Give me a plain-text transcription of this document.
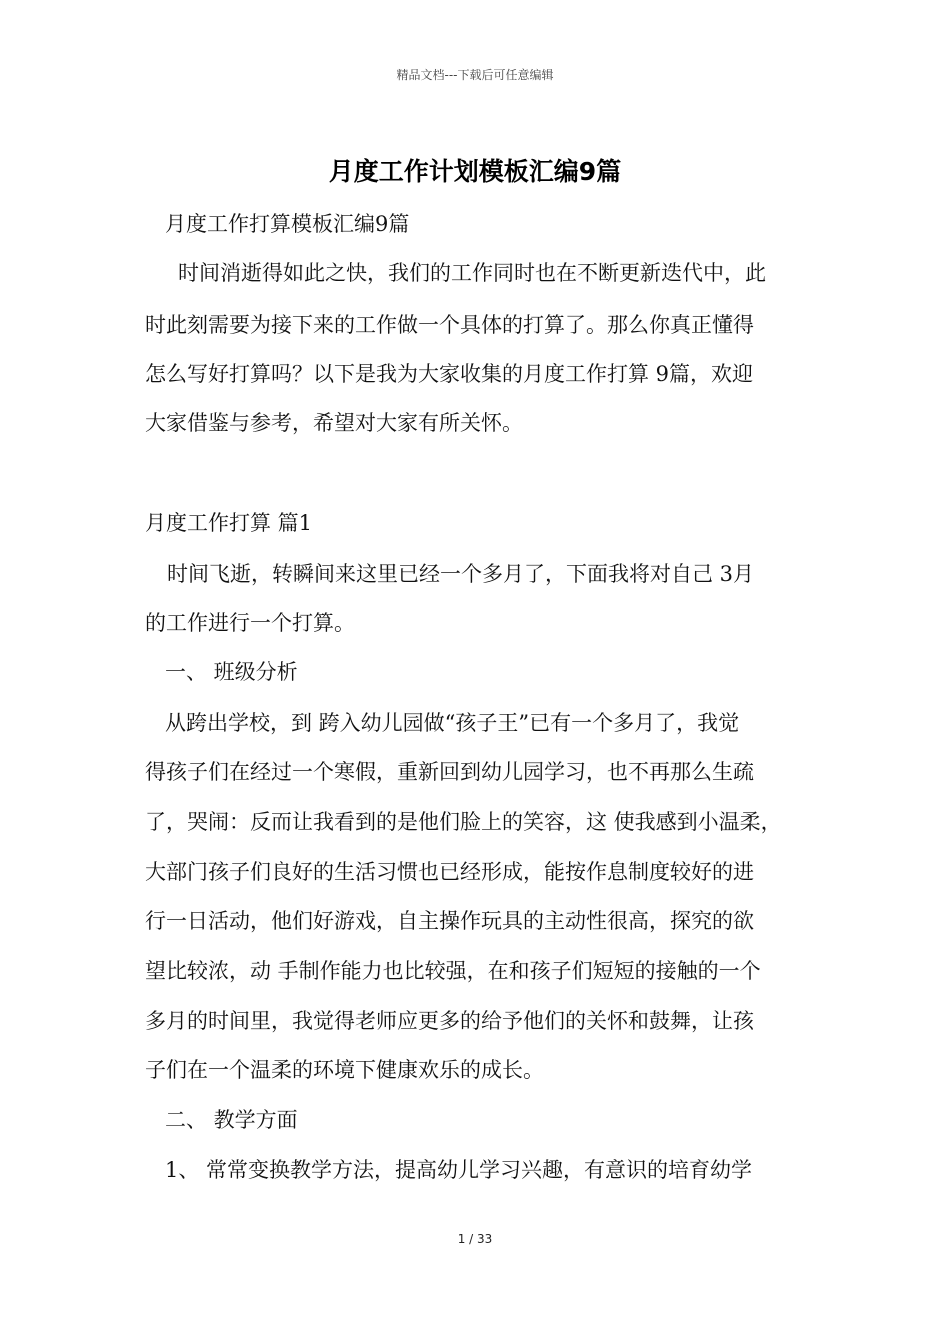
精品文档---下载后可任意编辑
月度工作计划模板汇编9篇
月度工作打算模板汇编9篇
时间消逝得如此之快，我们的工作同时也在不断更新迭代中，此
时此刻需要为接下来的工作做一个具体的打算了。那么你真正懂得
怎么写好打算吗？以下是我为大家收集的月度工作打算 9篇，欢迎
大家借鉴与参考，希望对大家有所关怀。
月度工作打算 篇1
时间飞逝，转瞬间来这里已经一个多月了，下面我将对自己 3月
的工作进行一个打算。
一、 班级分析
从跨出学校，到 跨入幼儿园做“孩子王”已有一个多月了，我觉
得孩子们在经过一个寒假，重新回到幼儿园学习，也不再那么生疏
了，哭闹：反而让我看到的是他们脸上的笑容，这 使我感到小温柔，
大部门孩子们良好的生活习惯也已经形成，能按作息制度较好的进
行一日活动，他们好游戏，自主操作玩具的主动性很高，探究的欲
望比较浓，动 手制作能力也比较强，在和孩子们短短的接触的一个
多月的时间里，我觉得老师应更多的给予他们的关怀和鼓舞，让孩
子们在一个温柔的环境下健康欢乐的成长。
二、 教学方面
1、 常常变换教学方法，提高幼儿学习兴趣，有意识的培育幼学
1 / 33
